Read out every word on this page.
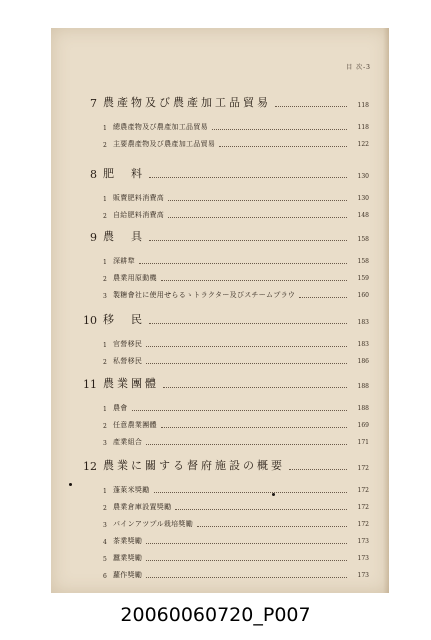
目 次-3
7 農產物及び農產加工品貿易	118
1 總農產物及び農產加工品貿易	118
2 主要農產物及び農產加工品貿易	122
8 肥　料	130
1 販賣肥料消費高	130
2 自給肥料消費高	148
9 農　具	158
1 深耕犂	158
2 農業用原動機	159
3 製糖會社に使用せらるゝトラクター及びスチームプラウ	160
10 移　民	183
1 官營移民	183
2 私營移民	186
11 農業團體	188
1 農會	188
2 任意農業團體	169
3 產業組合	171
12 農業に關する督府施設の概要	172
1 蓬萊米獎勵	172
2 農業倉庫設置獎勵	172
3 パインアツプル栽培獎勵	172
4 茶業獎勵	173
5 蠶業獎勵	173
6 蘿作獎勵	173
20060060720_P007
